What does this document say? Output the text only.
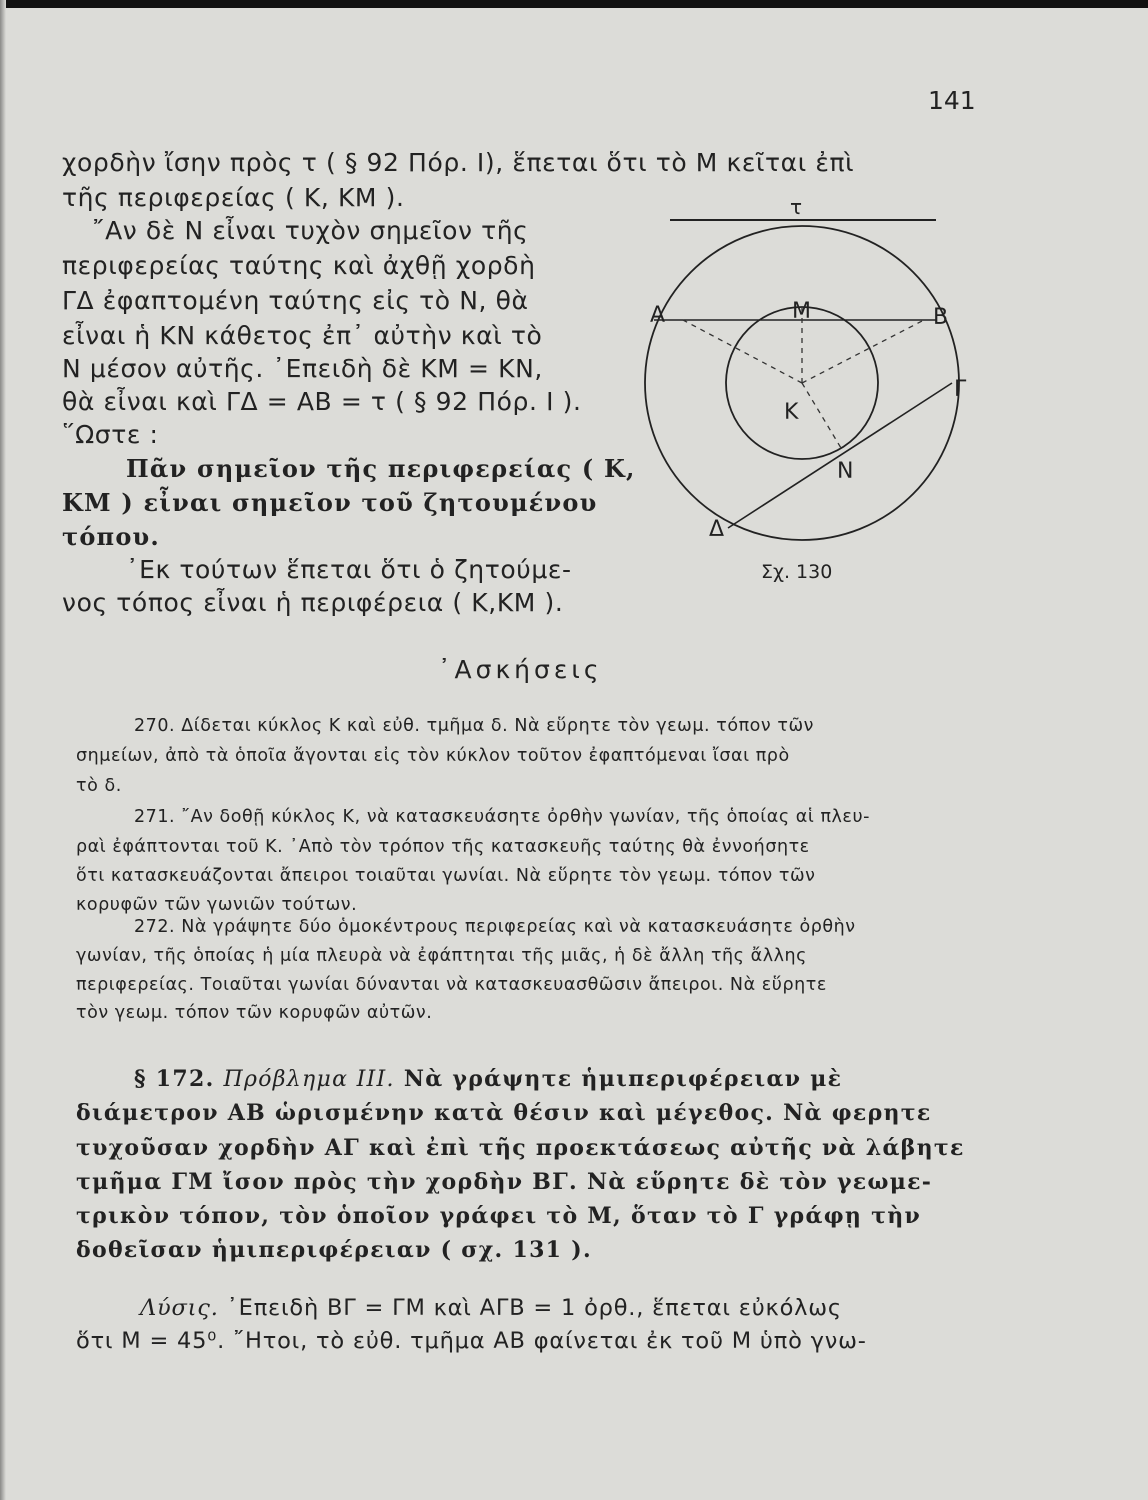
141
χορδὴν ἴσην πρὸς τ ( § 92 Πόρ. Ι), ἕπεται ὅτι τὸ Μ κεῖται ἐπὶ
τῆς περιφερείας ( Κ, ΚΜ ).
῎Αν δὲ Ν εἶναι τυχὸν σημεῖον τῆς
περιφερείας ταύτης καὶ ἀχθῇ χορδὴ
ΓΔ ἐφαπτομένη ταύτης εἰς τὸ Ν, θὰ
εἶναι ἡ ΚΝ κάθετος ἐπ᾽ αὐτὴν καὶ τὸ
Ν μέσον αὐτῆς. ᾽Επειδὴ δὲ ΚΜ = ΚΝ,
θὰ εἶναι καὶ ΓΔ = ΑΒ = τ ( § 92 Πόρ. Ι ).
῞Ωστε :
Πᾶν σημεῖον τῆς περιφερείας ( Κ,
ΚΜ ) εἶναι σημεῖον τοῦ ζητουμένου
τόπου.
᾽Εκ τούτων ἕπεται ὅτι ὁ ζητούμε-
νος τόπος εἶναι ἡ περιφέρεια ( Κ,ΚΜ ).
τ
Α	Β
Μ
Κ
Γ
Ν
Δ
Σχ. 130
᾽Ασκήσεις
270. Δίδεται κύκλος Κ καὶ εὐθ. τμῆμα δ. Νὰ εὕρητε τὸν γεωμ. τόπον τῶν
σημείων, ἀπὸ τὰ ὁποῖα ἄγονται εἰς τὸν κύκλον τοῦτον ἐφαπτόμεναι ἴσαι πρὸ
τὸ δ.
271. ῎Αν δοθῇ κύκλος Κ, νὰ κατασκευάσητε ὀρθὴν γωνίαν, τῆς ὁποίας αἱ πλευ-
ραὶ ἐφάπτονται τοῦ Κ. ᾽Απὸ τὸν τρόπον τῆς κατασκευῆς ταύτης θὰ ἐννοήσητε
ὅτι κατασκευάζονται ἄπειροι τοιαῦται γωνίαι. Νὰ εὕρητε τὸν γεωμ. τόπον τῶν
κορυφῶν τῶν γωνιῶν τούτων.
272. Νὰ γράψητε δύο ὁμοκέντρους περιφερείας καὶ νὰ κατασκευάσητε ὀρθὴν
γωνίαν, τῆς ὁποίας ἡ μία πλευρὰ νὰ ἐφάπτηται τῆς μιᾶς, ἡ δὲ ἄλλη τῆς ἄλλης
περιφερείας. Τοιαῦται γωνίαι δύνανται νὰ κατασκευασθῶσιν ἄπειροι. Νὰ εὕρητε
τὸν γεωμ. τόπον τῶν κορυφῶν αὐτῶν.
§ 172. Πρόβλημα ΙΙΙ. Νὰ γράψητε ἡμιπεριφέρειαν μὲ
διάμετρον ΑΒ ὡρισμένην κατὰ θέσιν καὶ μέγεθος. Νὰ φερητε
τυχοῦσαν χορδὴν ΑΓ καὶ ἐπὶ τῆς προεκτάσεως αὐτῆς νὰ λάβητε
τμῆμα ΓΜ ἴσον πρὸς τὴν χορδὴν ΒΓ. Νὰ εὕρητε δὲ τὸν γεωμε-
τρικὸν τόπον, τὸν ὁποῖον γράφει τὸ Μ, ὅταν τὸ Γ γράφῃ τὴν
δοθεῖσαν ἡμιπεριφέρειαν ( σχ. 131 ).
Λύσις. ᾽Επειδὴ ΒΓ = ΓΜ καὶ ΑΓΒ = 1 ὀρθ., ἕπεται εὐκόλως
ὅτι Μ = 45⁰. ῎Ητοι, τὸ εὐθ. τμῆμα ΑΒ φαίνεται ἐκ τοῦ Μ ὑπὸ γνω-
